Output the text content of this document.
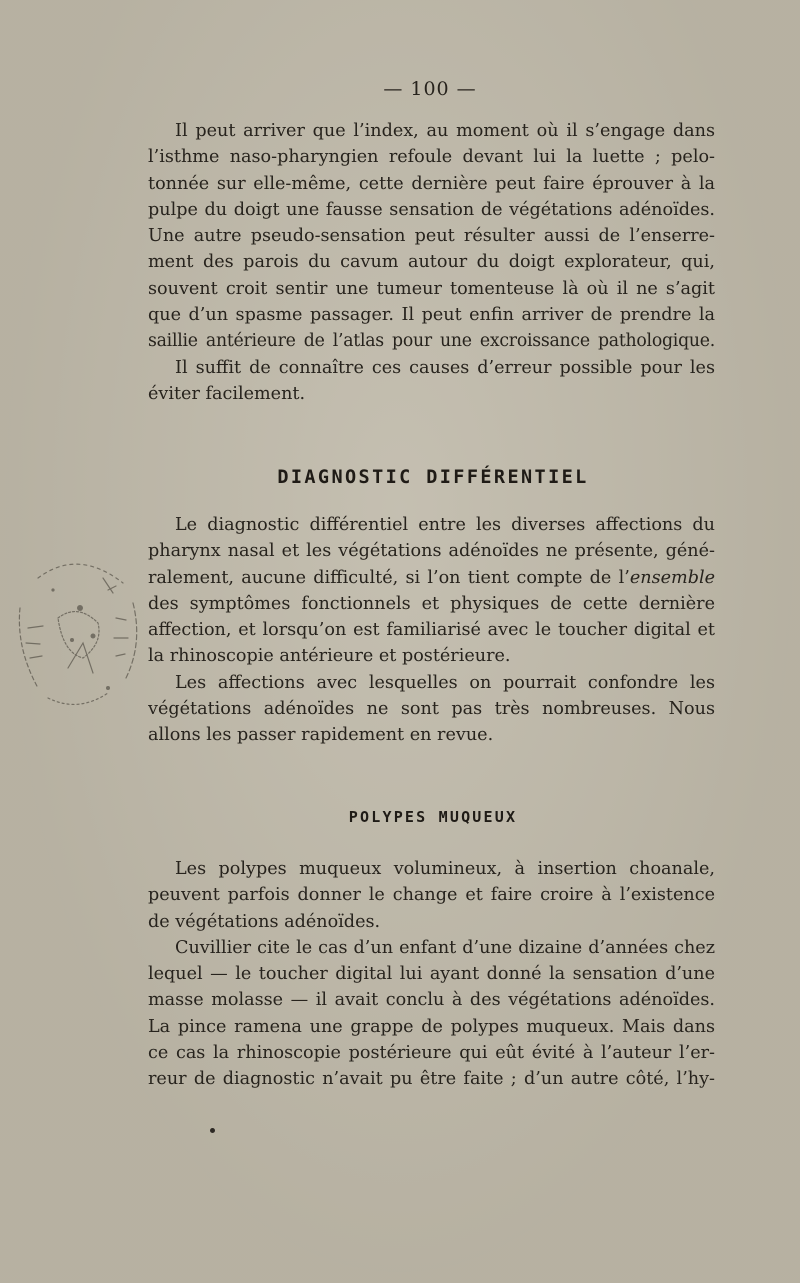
— 100 —
Il peut arriver que l’index, au moment où il s’engage dans
l’isthme naso-pharyngien refoule devant lui la luette ; pelo-
tonnée sur elle-même, cette dernière peut faire éprouver à la
pulpe du doigt une fausse sensation de végétations adénoïdes.
Une autre pseudo-sensation peut résulter aussi de l’enserre-
ment des parois du cavum autour du doigt explorateur, qui,
souvent croit sentir une tumeur tomenteuse là où il ne s’agit
que d’un spasme passager. Il peut enfin arriver de prendre la
saillie antérieure de l’atlas pour une excroissance pathologique.
Il suffit de connaître ces causes d’erreur possible pour les
éviter facilement.
DIAGNOSTIC DIFFÉRENTIEL
Le diagnostic différentiel entre les diverses affections du
pharynx nasal et les végétations adénoïdes ne présente, géné-
ralement, aucune difficulté, si l’on tient compte de l’ensemble
des symptômes fonctionnels et physiques de cette dernière
affection, et lorsqu’on est familiarisé avec le toucher digital et
la rhinoscopie antérieure et postérieure.
Les affections avec lesquelles on pourrait confondre les
végétations adénoïdes ne sont pas très nombreuses. Nous
allons les passer rapidement en revue.
POLYPES MUQUEUX
Les polypes muqueux volumineux, à insertion choanale,
peuvent parfois donner le change et faire croire à l’existence
de végétations adénoïdes.
Cuvillier cite le cas d’un enfant d’une dizaine d’années chez
lequel — le toucher digital lui ayant donné la sensation d’une
masse molasse — il avait conclu à des végétations adénoïdes.
La pince ramena une grappe de polypes muqueux. Mais dans
ce cas la rhinoscopie postérieure qui eût évité à l’auteur l’er-
reur de diagnostic n’avait pu être faite ; d’un autre côté, l’hy-
